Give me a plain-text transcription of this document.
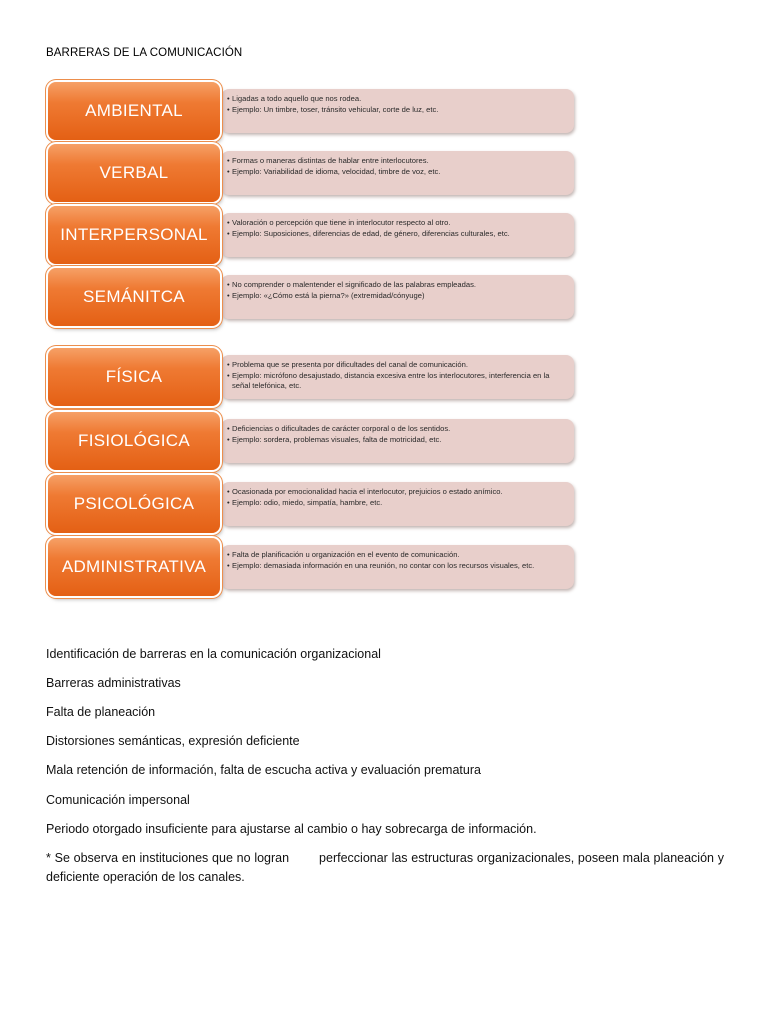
BARRERAS DE LA COMUNICACIÓN
• Ligadas a todo aquello que nos rodea.
• Ejemplo: Un timbre, toser, tránsito vehicular, corte de luz, etc.
AMBIENTAL
• Formas o maneras distintas de hablar entre interlocutores.
• Ejemplo: Variabilidad de idioma, velocidad, timbre de voz, etc.
VERBAL
• Valoración o percepción que tiene in interlocutor respecto al otro.
• Ejemplo: Suposiciones, diferencias de edad, de género, diferencias culturales, etc.
INTERPERSONAL
• No comprender o malentender el significado de las palabras empleadas.
• Ejemplo: «¿Cómo está la pierna?» (extremidad/cónyuge)
SEMÁNITCA
• Problema que se presenta por dificultades del canal de comunicación.
• Ejemplo: micrófono desajustado, distancia excesiva entre los interlocutores, interferencia en la señal telefónica, etc.
FÍSICA
• Deficiencias o dificultades de carácter corporal o de los sentidos.
• Ejemplo: sordera, problemas visuales, falta de motricidad, etc.
FISIOLÓGICA
• Ocasionada por emocionalidad hacia el interlocutor, prejuicios o estado anímico.
• Ejemplo: odio, miedo, simpatía, hambre, etc.
PSICOLÓGICA
• Falta de planificación u organización en el evento de comunicación.
• Ejemplo: demasiada información en una reunión, no contar con los recursos visuales, etc.
ADMINISTRATIVA
Identificación de barreras en la comunicación organizacional
Barreras administrativas
Falta de planeación
Distorsiones semánticas, expresión deficiente
Mala retención de información, falta de escucha activa y evaluación prematura
Comunicación impersonal
Periodo otorgado insuficiente para ajustarse al cambio o hay sobrecarga de información.
* Se observa en instituciones que no logran        perfeccionar las estructuras organizacionales, poseen mala planeación y deficiente operación de los canales.
